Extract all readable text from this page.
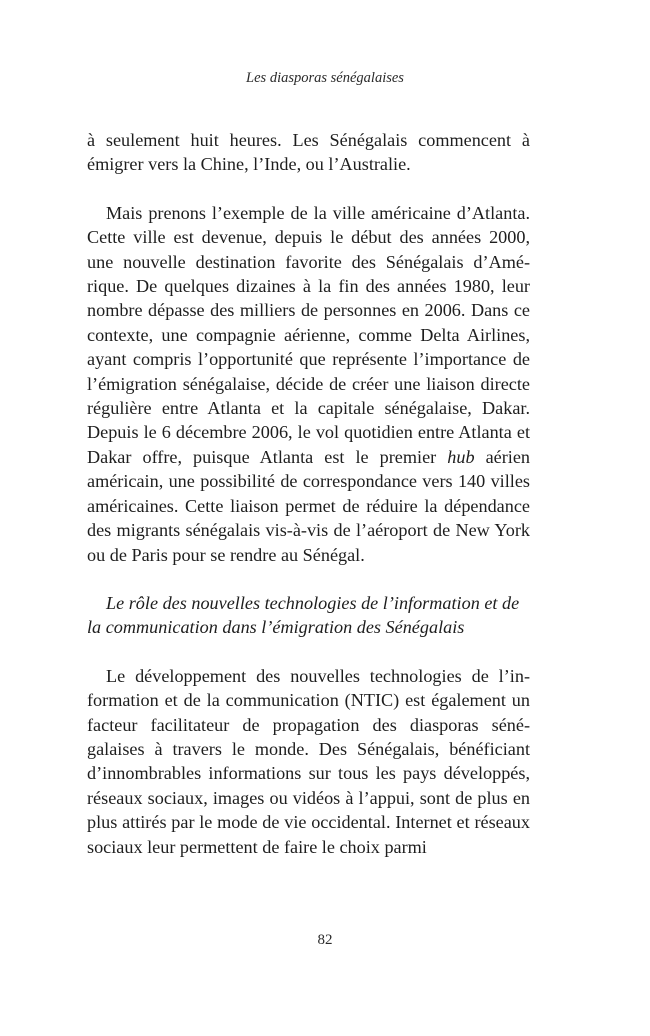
Les diasporas sénégalaises

à seulement huit heures. Les Sénégalais commencent à émigrer vers la Chine, l’Inde, ou l’Australie.

Mais prenons l’exemple de la ville américaine d’Atlanta. Cette ville est devenue, depuis le début des années 2000, une nouvelle destination favorite des Sénégalais d’Amérique. De quelques dizaines à la fin des années 1980, leur nombre dépasse des milliers de personnes en 2006. Dans ce contexte, une compagnie aérienne, comme Delta Airlines, ayant compris l’opportunité que représente l’importance de l’émigration sénégalaise, décide de créer une liaison directe régulière entre Atlanta et la capitale sénégalaise, Dakar. Depuis le 6 décembre 2006, le vol quotidien entre Atlanta et Dakar offre, puisque Atlanta est le premier hub aérien américain, une possibilité de correspondance vers 140 villes américaines. Cette liaison permet de réduire la dépendance des migrants sénégalais vis-à-vis de l’aéroport de New York ou de Paris pour se rendre au Sénégal.

Le rôle des nouvelles technologies de l’information et de la communication dans l’émigration des Sénégalais

Le développement des nouvelles technologies de l’information et de la communication (NTIC) est également un facteur facilitateur de propagation des diasporas sénégalaises à travers le monde. Des Sénégalais, bénéficiant d’innombrables informations sur tous les pays développés, réseaux sociaux, images ou vidéos à l’appui, sont de plus en plus attirés par le mode de vie occidental. Internet et réseaux sociaux leur permettent de faire le choix parmi

82
